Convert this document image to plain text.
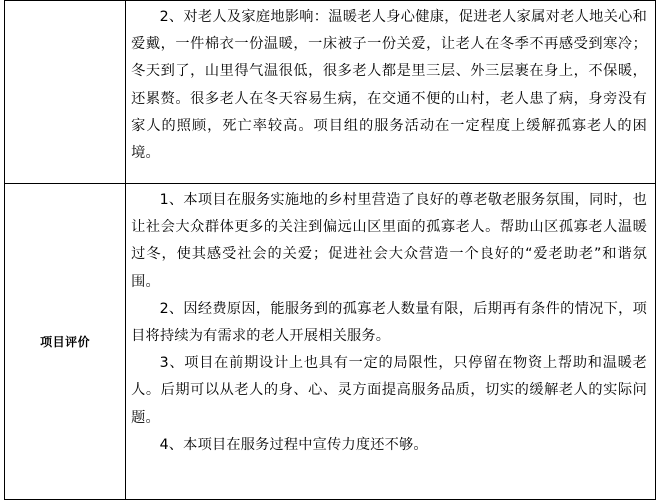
	2、对老人及家庭地影响：温暖老人身心健康，促进老人家属对老人地关心和爱戴，一件棉衣一份温暖，一床被子一份关爱，让老人在冬季不再感受到寒冷；冬天到了，山里得气温很低，很多老人都是里三层、外三层裹在身上，不保暖，还累赘。很多老人在冬天容易生病，在交通不便的山村，老人患了病，身旁没有家人的照顾，死亡率较高。项目组的服务活动在一定程度上缓解孤寡老人的困境。

项目评价	1、本项目在服务实施地的乡村里营造了良好的尊老敬老服务氛围，同时，也让社会大众群体更多的关注到偏远山区里面的孤寡老人。帮助山区孤寡老人温暖过冬，使其感受社会的关爱；促进社会大众营造一个良好的“爱老助老”和谐氛围。

2、因经费原因，能服务到的孤寡老人数量有限，后期再有条件的情况下，项目将持续为有需求的老人开展相关服务。

3、项目在前期设计上也具有一定的局限性，只停留在物资上帮助和温暖老人。后期可以从老人的身、心、灵方面提高服务品质，切实的缓解老人的实际问题。

4、本项目在服务过程中宣传力度还不够。
